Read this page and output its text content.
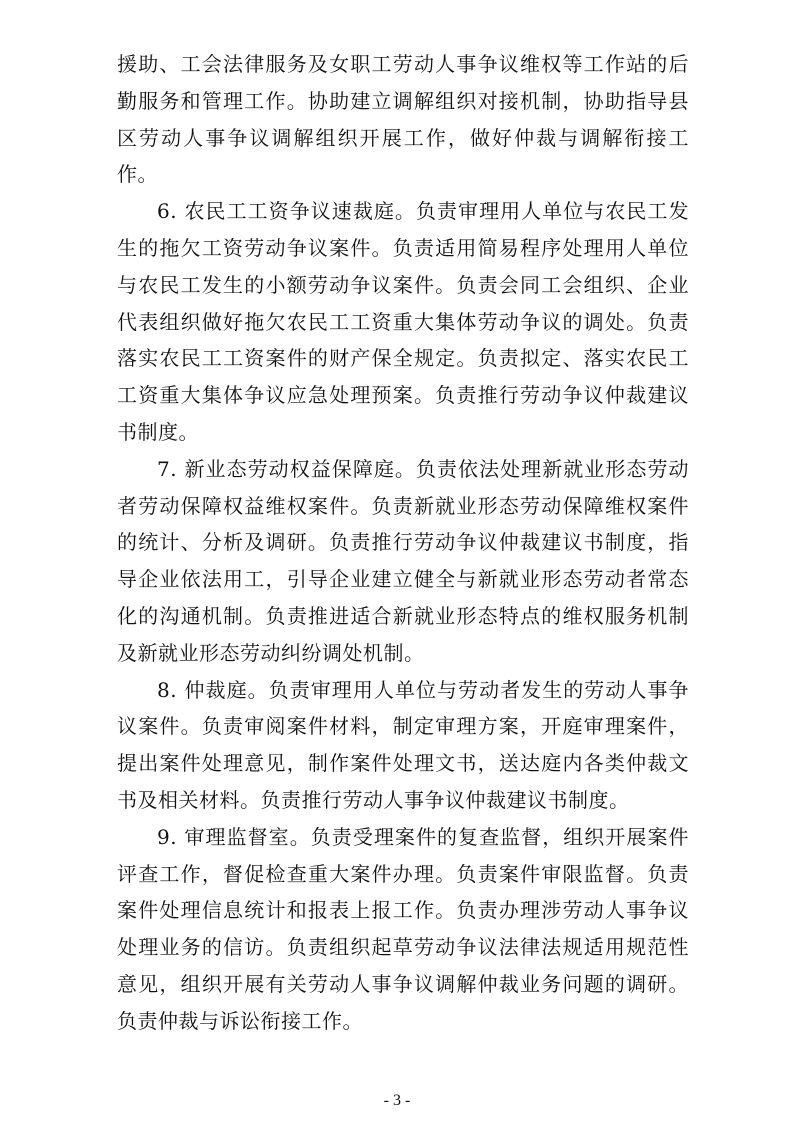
援助、工会法律服务及女职工劳动人事争议维权等工作站的后勤服务和管理工作。协助建立调解组织对接机制，协助指导县区劳动人事争议调解组织开展工作，做好仲裁与调解衔接工作。

6. 农民工工资争议速裁庭。负责审理用人单位与农民工发生的拖欠工资劳动争议案件。负责适用简易程序处理用人单位与农民工发生的小额劳动争议案件。负责会同工会组织、企业代表组织做好拖欠农民工工资重大集体劳动争议的调处。负责落实农民工工资案件的财产保全规定。负责拟定、落实农民工工资重大集体争议应急处理预案。负责推行劳动争议仲裁建议书制度。

7. 新业态劳动权益保障庭。负责依法处理新就业形态劳动者劳动保障权益维权案件。负责新就业形态劳动保障维权案件的统计、分析及调研。负责推行劳动争议仲裁建议书制度，指导企业依法用工，引导企业建立健全与新就业形态劳动者常态化的沟通机制。负责推进适合新就业形态特点的维权服务机制及新就业形态劳动纠纷调处机制。

8. 仲裁庭。负责审理用人单位与劳动者发生的劳动人事争议案件。负责审阅案件材料，制定审理方案，开庭审理案件，提出案件处理意见，制作案件处理文书，送达庭内各类仲裁文书及相关材料。负责推行劳动人事争议仲裁建议书制度。

9. 审理监督室。负责受理案件的复查监督，组织开展案件评查工作，督促检查重大案件办理。负责案件审限监督。负责案件处理信息统计和报表上报工作。负责办理涉劳动人事争议处理业务的信访。负责组织起草劳动争议法律法规适用规范性意见，组织开展有关劳动人事争议调解仲裁业务问题的调研。负责仲裁与诉讼衔接工作。

- 3 -
